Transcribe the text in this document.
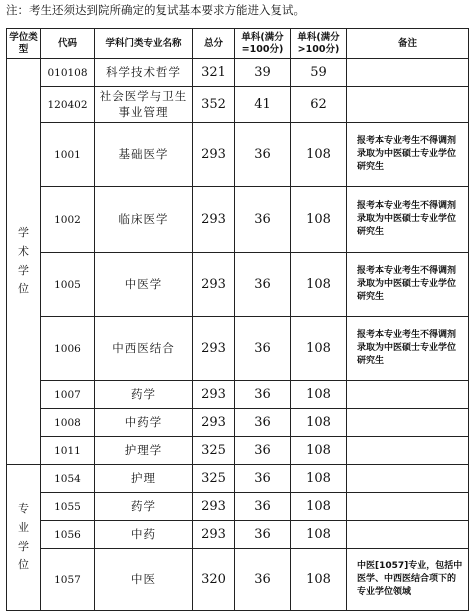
注：考生还须达到院所确定的复试基本要求方能进入复试。
学位类型	代码	学科门类专业名称	总分	单科(满分=100分)	单科(满分>100分)	备注
学术学位	010108	科学技术哲学	321	39	59	
	120402	社会医学与卫生事业管理	352	41	62	
	1001	基础医学	293	36	108	报考本专业考生不得调剂录取为中医硕士专业学位研究生
	1002	临床医学	293	36	108	报考本专业考生不得调剂录取为中医硕士专业学位研究生
	1005	中医学	293	36	108	报考本专业考生不得调剂录取为中医硕士专业学位研究生
	1006	中西医结合	293	36	108	报考本专业考生不得调剂录取为中医硕士专业学位研究生
	1007	药学	293	36	108	
	1008	中药学	293	36	108	
	1011	护理学	325	36	108	
专业学位	1054	护理	325	36	108	
	1055	药学	293	36	108	
	1056	中药	293	36	108	
	1057	中医	320	36	108	中医[1057]专业，包括中医学、中西医结合项下的专业学位领域
